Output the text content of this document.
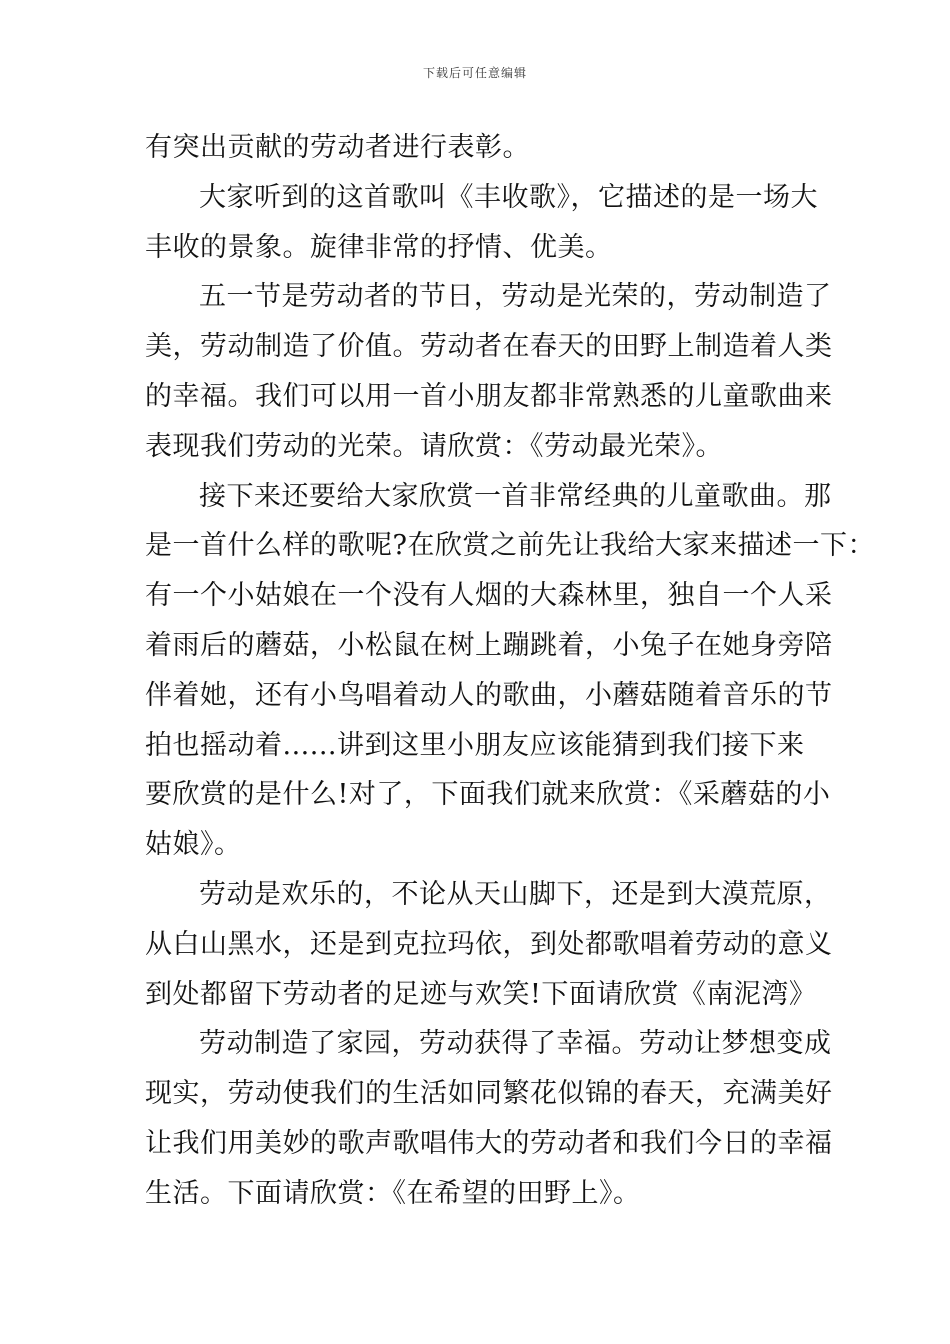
下载后可任意编辑
有突出贡献的劳动者进行表彰。
大家听到的这首歌叫《丰收歌》，它描述的是一场大
丰收的景象。旋律非常的抒情、优美。
五一节是劳动者的节日，劳动是光荣的，劳动制造了
美，劳动制造了价值。劳动者在春天的田野上制造着人类
的幸福。我们可以用一首小朋友都非常熟悉的儿童歌曲来
表现我们劳动的光荣。请欣赏：《劳动最光荣》。
接下来还要给大家欣赏一首非常经典的儿童歌曲。那
是一首什么样的歌呢?在欣赏之前先让我给大家来描述一下：
有一个小姑娘在一个没有人烟的大森林里，独自一个人采
着雨后的蘑菇，小松鼠在树上蹦跳着，小兔子在她身旁陪
伴着她，还有小鸟唱着动人的歌曲，小蘑菇随着音乐的节
拍也摇动着......讲到这里小朋友应该能猜到我们接下来
要欣赏的是什么!对了，下面我们就来欣赏：《采蘑菇的小
姑娘》。
劳动是欢乐的，不论从天山脚下，还是到大漠荒原，
从白山黑水，还是到克拉玛依，到处都歌唱着劳动的意义
到处都留下劳动者的足迹与欢笑!下面请欣赏《南泥湾》
劳动制造了家园，劳动获得了幸福。劳动让梦想变成
现实，劳动使我们的生活如同繁花似锦的春天，充满美好
让我们用美妙的歌声歌唱伟大的劳动者和我们今日的幸福
生活。下面请欣赏：《在希望的田野上》。
